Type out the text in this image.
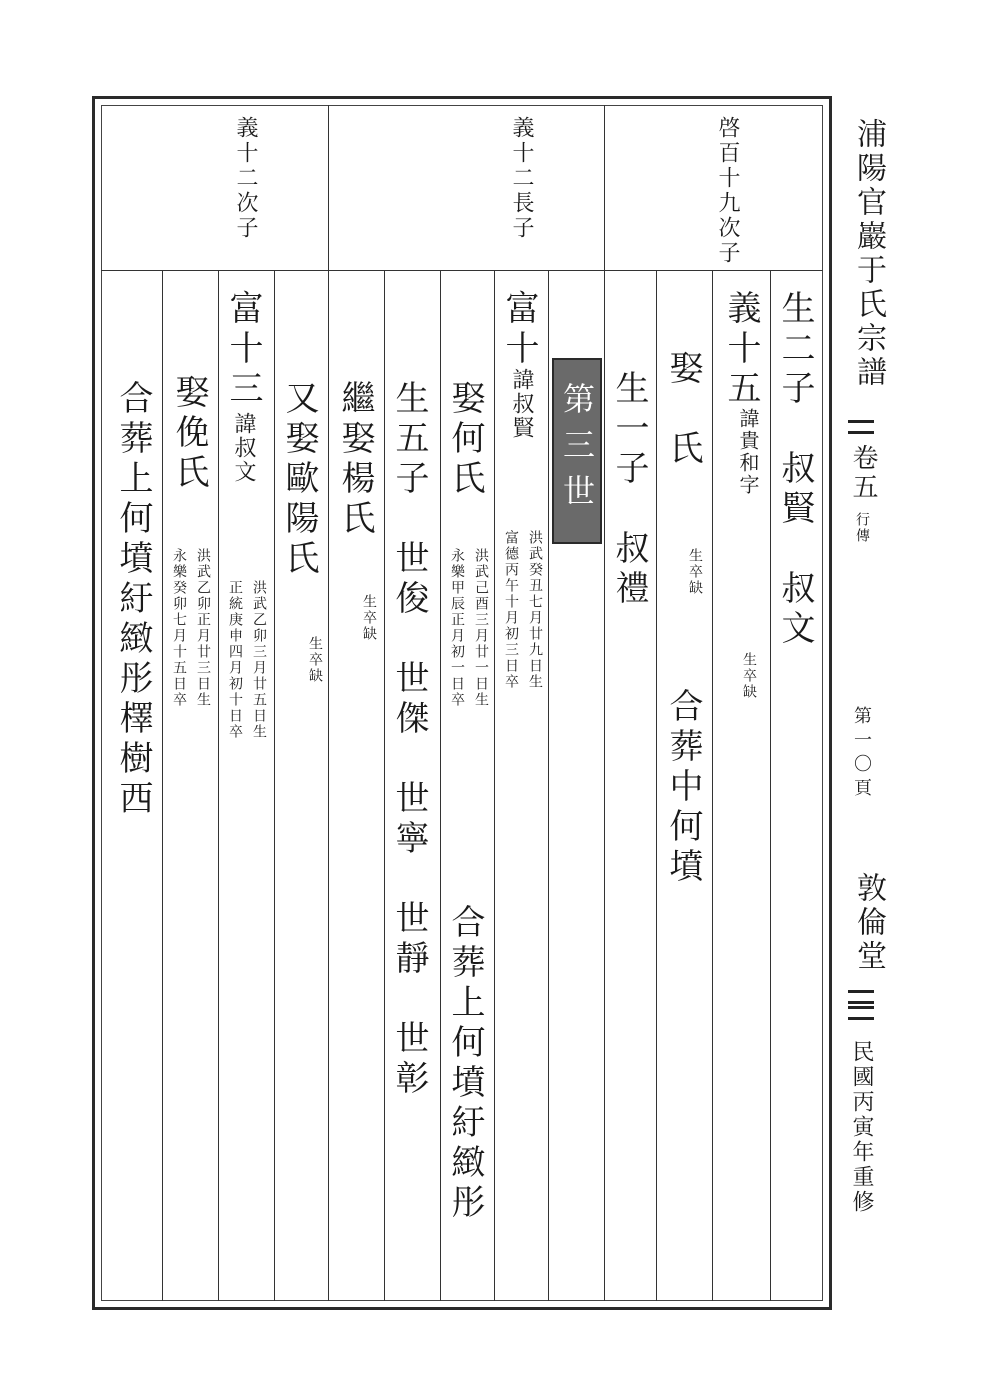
浦陽官巖于氏宗譜
卷五
行傳
第一〇頁
敦倫堂
民國丙寅年重修
啓百十九次子
義十二長子
義十二次子
第三世	生二子　叔賢　叔文
義十五
諱貴和字
生卒缺
娶　氏
生卒缺
合葬中何墳
生一子　叔禮
富十
諱叔賢
洪武癸丑七月廿九日生
富德丙午十月初三日卒
娶何氏
洪武己酉三月廿一日生
永樂甲辰正月初一日卒
合葬上何墳紆緻彤
生五子　世俊　世傑　世寧　世靜　世彰
繼娶楊氏
生卒缺
又娶歐陽氏
生卒缺
富十三
諱叔文
洪武乙卯三月廿五日生
正統庚申四月初十日卒
娶俛氏
洪武乙卯正月廿三日生
永樂癸卯七月十五日卒
合葬上何墳紆緻彤檡樹西
